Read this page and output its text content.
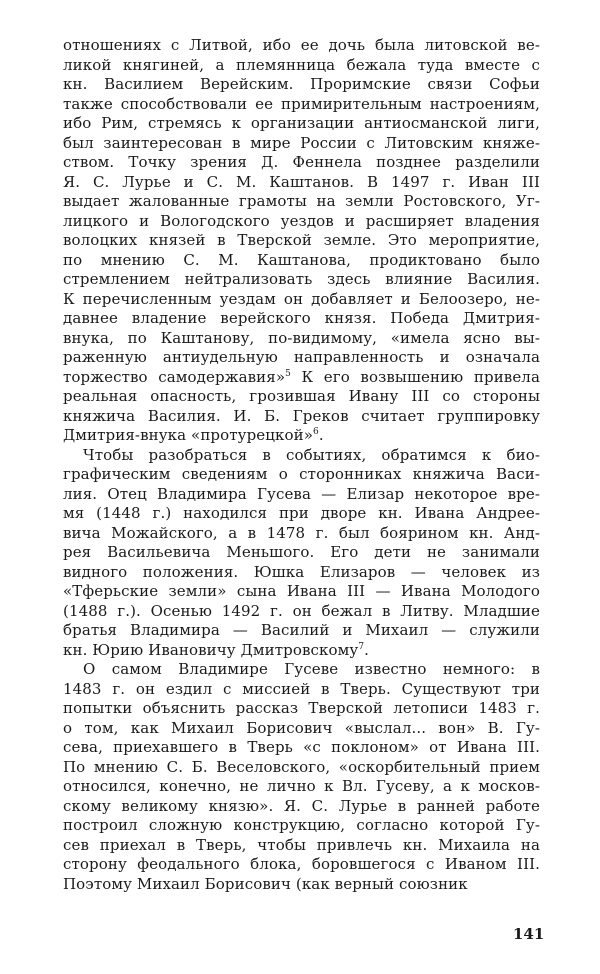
отношениях с Литвой, ибо ее дочь была литовской ве-
ликой княгиней, а племянница бежала туда вместе с
кн. Василием Верейским. Проримские связи Софьи
также способствовали ее примирительным настроениям,
ибо Рим, стремясь к организации антиосманской лиги,
был заинтересован в мире России с Литовским княже-
ством. Точку зрения Д. Феннела позднее разделили
Я. С. Лурье и С. М. Каштанов. В 1497 г. Иван III
выдает жалованные грамоты на земли Ростовского, Уг-
лицкого и Вологодского уездов и расширяет владения
волоцких князей в Тверской земле. Это мероприятие,
по мнению С. М. Каштанова, продиктовано было
стремлением нейтрализовать здесь влияние Василия.
К перечисленным уездам он добавляет и Белоозеро, не-
давнее владение верейского князя. Победа Дмитрия-
внука, по Каштанову, по-видимому, «имела ясно вы-
раженную антиудельную направленность и означала
торжество самодержавия»$^5$ К его возвышению привела
реальная опасность, грозившая Ивану III со стороны
княжича Василия. И. Б. Греков считает группировку
Дмитрия-внука «протурецкой»$^6$.
Чтобы разобраться в событиях, обратимся к био-
графическим сведениям о сторонниках княжича Васи-
лия. Отец Владимира Гусева — Елизар некоторое вре-
мя (1448 г.) находился при дворе кн. Ивана Андрее-
вича Можайского, а в 1478 г. был боярином кн. Анд-
рея Васильевича Меньшого. Его дети не занимали
видного положения. Юшка Елизаров — человек из
«Тферьские земли» сына Ивана III — Ивана Молодого
(1488 г.). Осенью 1492 г. он бежал в Литву. Младшие
братья Владимира — Василий и Михаил — служили
кн. Юрию Ивановичу Дмитровскому$^7$.
О самом Владимире Гусеве известно немного: в
1483 г. он ездил с миссией в Тверь. Существуют три
попытки объяснить рассказ Тверской летописи 1483 г.
о том, как Михаил Борисович «выслал... вон» В. Гу-
сева, приехавшего в Тверь «с поклоном» от Ивана III.
По мнению С. Б. Веселовского, «оскорбительный прием
относился, конечно, не лично к Вл. Гусеву, а к москов-
скому великому князю». Я. С. Лурье в ранней работе
построил сложную конструкцию, согласно которой Гу-
сев приехал в Тверь, чтобы привлечь кн. Михаила на
сторону феодального блока, боровшегося с Иваном III.
Поэтому Михаил Борисович (как верный союзник
141
